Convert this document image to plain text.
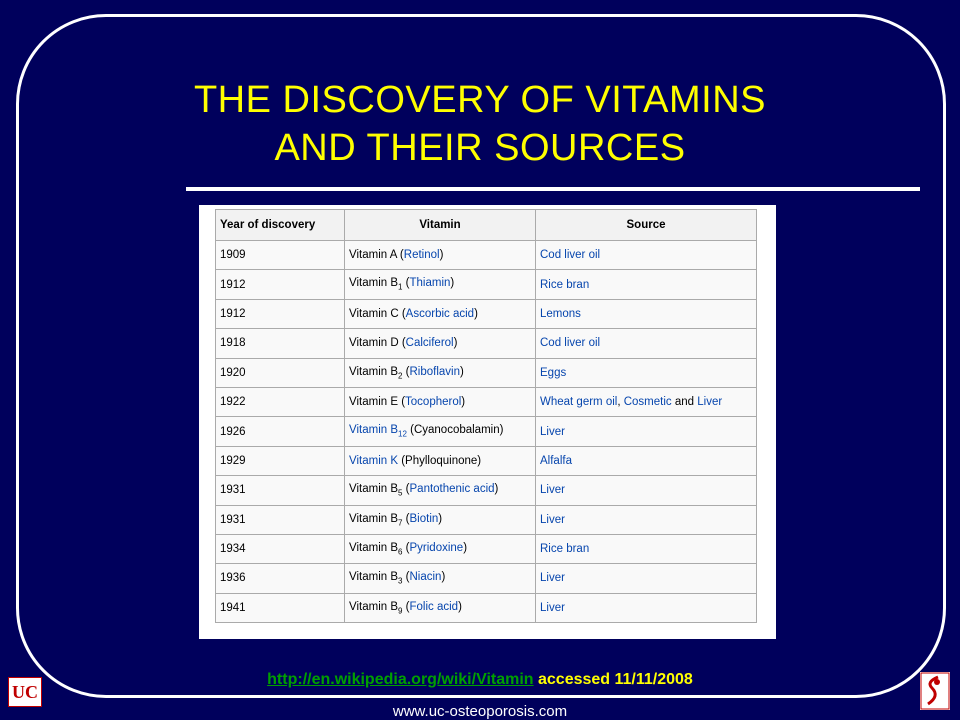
THE DISCOVERY OF VITAMINS
AND THEIR SOURCES
Year of discovery	Vitamin	Source
1909	Vitamin A (Retinol)	Cod liver oil
1912	Vitamin $B_1$ (Thiamin)	Rice bran
1912	Vitamin C (Ascorbic acid)	Lemons
1918	Vitamin D (Calciferol)	Cod liver oil
1920	Vitamin $B_2$ (Riboflavin)	Eggs
1922	Vitamin E (Tocopherol)	Wheat germ oil, Cosmetic and Liver
1926	Vitamin $B_{12}$ (Cyanocobalamin)	Liver
1929	Vitamin K (Phylloquinone)	Alfalfa
1931	Vitamin $B_5$ (Pantothenic acid)	Liver
1931	Vitamin $B_7$ (Biotin)	Liver
1934	Vitamin $B_6$ (Pyridoxine)	Rice bran
1936	Vitamin $B_3$ (Niacin)	Liver
1941	Vitamin $B_9$ (Folic acid)	Liver
http://en.wikipedia.org/wiki/Vitamin accessed 11/11/2008
www.uc-osteoporosis.com
UC
